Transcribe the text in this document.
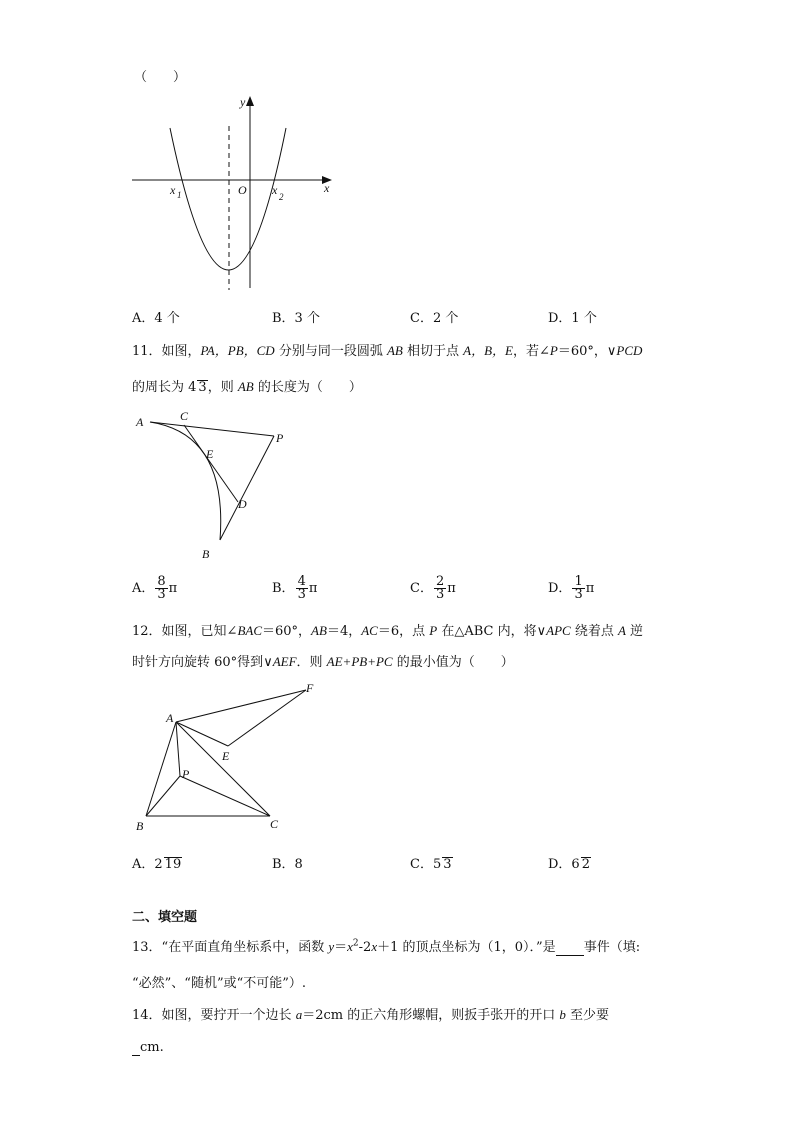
（　　）
y
x
O
x 1	x 2
A．4 个	B．3 个	C．2 个	D．1 个
11．如图，PA，PB，CD 分别与同一段圆弧 AB 相切于点 A，B，E，若∠P＝60°，∨PCD
的周长为 4 3，则 AB 的长度为（　　）
A	C
P
E
D
B
A． $\frac{8}{3}$ π	B． $\frac{4}{3}$ π	C． $\frac{2}{3}$ π	D． $\frac{1}{3}$ π
12．如图，已知∠BAC＝60°，AB＝4，AC＝6，点 P 在△ABC 内，将∨APC 绕着点 A 逆
时针方向旋转 60°得到∨AEF．则 AE+PB+PC 的最小值为（　　）
A
F
E
P
B	C
A．2 19	B．8	C．5 3	D．6 2
二、填空题
13．“在平面直角坐标系中，函数 $y=x^2-2x+1$ 的顶点坐标为（1，0）．”是 事件（填:
“必然”、“随机”或“不可能”）.
14．如图，要拧开一个边长 a＝2cm 的正六角形螺帽，则扳手张开的开口 b 至少要
cm.
